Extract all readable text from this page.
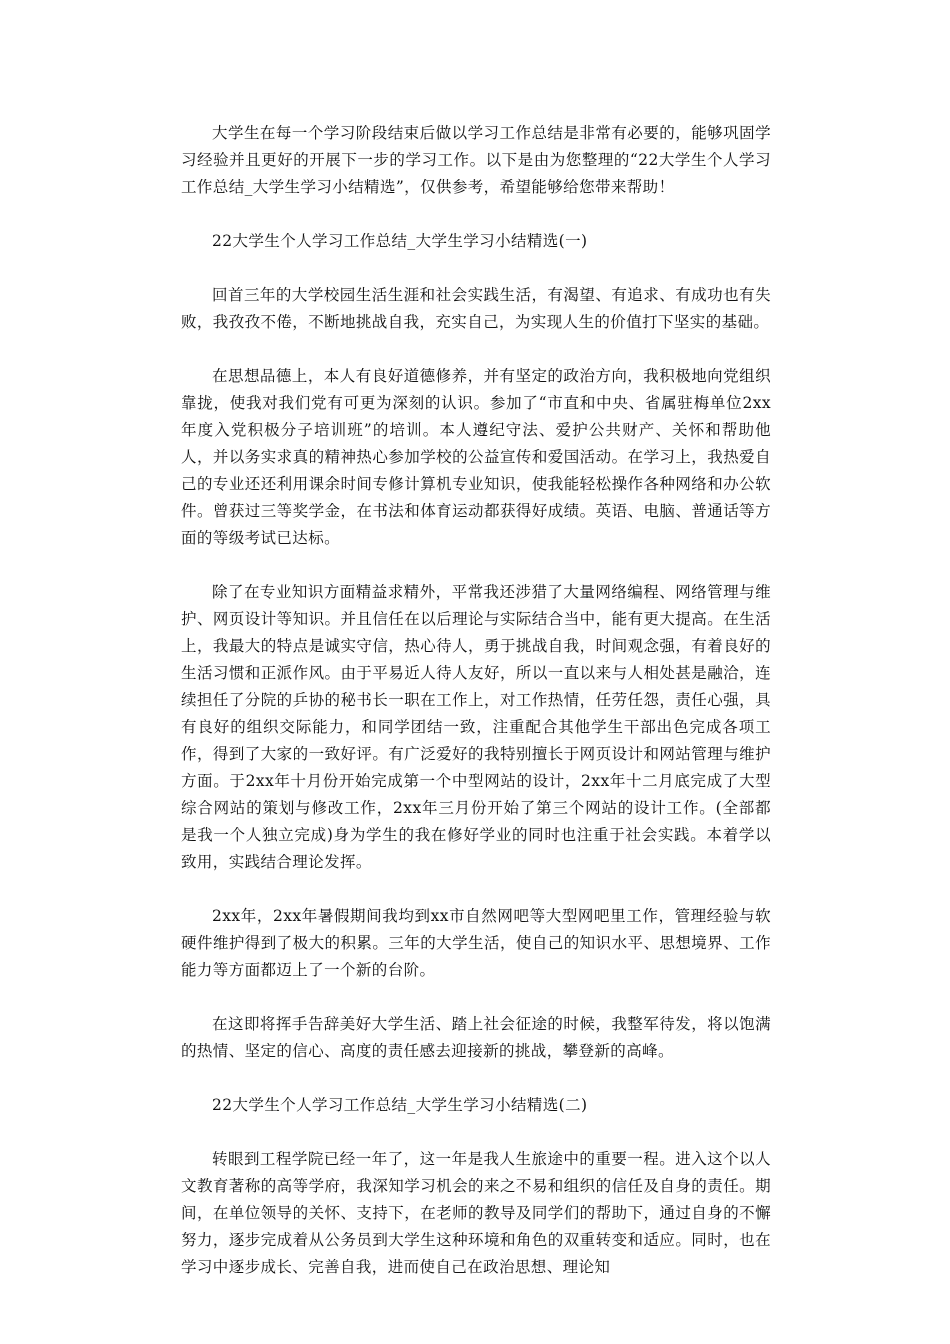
大学生在每一个学习阶段结束后做以学习工作总结是非常有必要的，能够巩固学习经验并且更好的开展下一步的学习工作。以下是由为您整理的“22大学生个人学习工作总结_大学生学习小结精选”，仅供参考，希望能够给您带来帮助！

22大学生个人学习工作总结_大学生学习小结精选(一)

回首三年的大学校园生活生涯和社会实践生活，有渴望、有追求、有成功也有失败，我孜孜不倦，不断地挑战自我，充实自己，为实现人生的价值打下坚实的基础。

在思想品德上，本人有良好道德修养，并有坚定的政治方向，我积极地向党组织靠拢，使我对我们党有可更为深刻的认识。参加了“市直和中央、省属驻梅单位2xx年度入党积极分子培训班”的培训。本人遵纪守法、爱护公共财产、关怀和帮助他人，并以务实求真的精神热心参加学校的公益宣传和爱国活动。在学习上，我热爱自己的专业还还利用课余时间专修计算机专业知识，使我能轻松操作各种网络和办公软件。曾获过三等奖学金，在书法和体育运动都获得好成绩。英语、电脑、普通话等方面的等级考试已达标。

除了在专业知识方面精益求精外，平常我还涉猎了大量网络编程、网络管理与维护、网页设计等知识。并且信任在以后理论与实际结合当中，能有更大提高。在生活上，我最大的特点是诚实守信，热心待人，勇于挑战自我，时间观念强，有着良好的生活习惯和正派作风。由于平易近人待人友好，所以一直以来与人相处甚是融洽，连续担任了分院的乒协的秘书长一职在工作上，对工作热情，任劳任怨，责任心强，具有良好的组织交际能力，和同学团结一致，注重配合其他学生干部出色完成各项工作，得到了大家的一致好评。有广泛爱好的我特别擅长于网页设计和网站管理与维护方面。于2xx年十月份开始完成第一个中型网站的设计，2xx年十二月底完成了大型综合网站的策划与修改工作，2xx年三月份开始了第三个网站的设计工作。(全部都是我一个人独立完成)身为学生的我在修好学业的同时也注重于社会实践。本着学以致用，实践结合理论发挥。

2xx年，2xx年暑假期间我均到xx市自然网吧等大型网吧里工作，管理经验与软硬件维护得到了极大的积累。三年的大学生活，使自己的知识水平、思想境界、工作能力等方面都迈上了一个新的台阶。

在这即将挥手告辞美好大学生活、踏上社会征途的时候，我整军待发，将以饱满的热情、坚定的信心、高度的责任感去迎接新的挑战，攀登新的高峰。

22大学生个人学习工作总结_大学生学习小结精选(二)

转眼到工程学院已经一年了，这一年是我人生旅途中的重要一程。进入这个以人文教育著称的高等学府，我深知学习机会的来之不易和组织的信任及自身的责任。期间，在单位领导的关怀、支持下，在老师的教导及同学们的帮助下，通过自身的不懈努力，逐步完成着从公务员到大学生这种环境和角色的双重转变和适应。同时，也在学习中逐步成长、完善自我，进而使自己在政治思想、理论知
